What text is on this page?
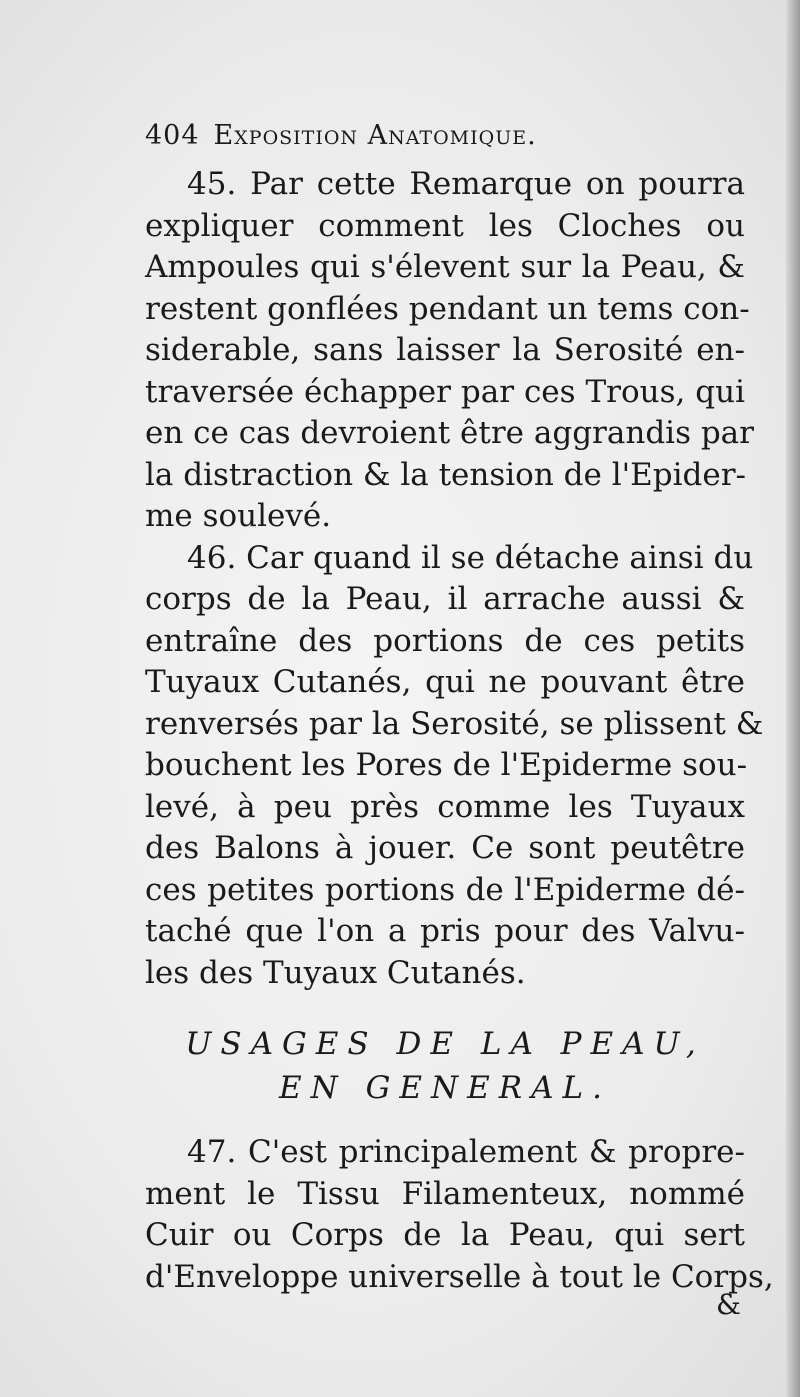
404 Exposition Anatomique.
45. Par cette Remarque on pourra
expliquer comment les Cloches ou
Ampoules qui s'élevent sur la Peau, &
restent gonflées pendant un tems con-
siderable, sans laisser la Serosité en-
traversée échapper par ces Trous, qui
en ce cas devroient être aggrandis par
la distraction & la tension de l'Epider-
me soulevé.
46. Car quand il se détache ainsi du
corps de la Peau, il arrache aussi &
entraîne des portions de ces petits
Tuyaux Cutanés, qui ne pouvant être
renversés par la Serosité, se plissent &
bouchent les Pores de l'Epiderme sou-
levé, à peu près comme les Tuyaux
des Balons à jouer. Ce sont peutêtre
ces petites portions de l'Epiderme dé-
taché que l'on a pris pour des Valvu-
les des Tuyaux Cutanés.
USAGES DE LA PEAU,
EN GENERAL.
47. C'est principalement & propre-
ment le Tissu Filamenteux, nommé
Cuir ou Corps de la Peau, qui sert
d'Enveloppe universelle à tout le Corps,
&
